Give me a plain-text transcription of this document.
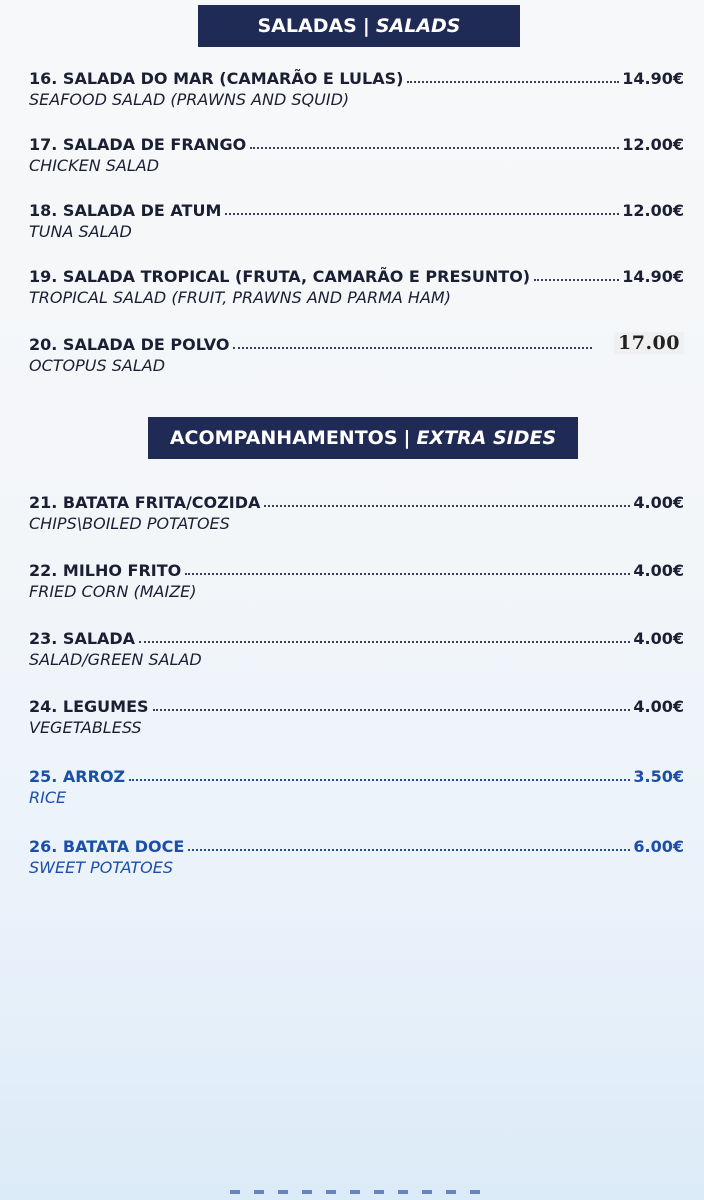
SALADAS | SALADS
16. SALADA DO MAR (CAMARÃO E LULAS)	14.90€
SEAFOOD SALAD (PRAWNS AND SQUID)
17. SALADA DE FRANGO	12.00€
CHICKEN SALAD
18. SALADA DE ATUM	12.00€
TUNA SALAD
19. SALADA TROPICAL (FRUTA, CAMARÃO E PRESUNTO)	14.90€
TROPICAL SALAD (FRUIT, PRAWNS AND PARMA HAM)
20. SALADA DE POLVO	17.00
OCTOPUS SALAD
ACOMPANHAMENTOS | EXTRA SIDES
21. BATATA FRITA/COZIDA	4.00€
CHIPS\BOILED POTATOES
22. MILHO FRITO	4.00€
FRIED CORN (MAIZE)
23. SALADA	4.00€
SALAD/GREEN SALAD
24. LEGUMES	4.00€
VEGETABLESS
25. ARROZ	3.50€
RICE
26. BATATA DOCE	6.00€
SWEET POTATOES
